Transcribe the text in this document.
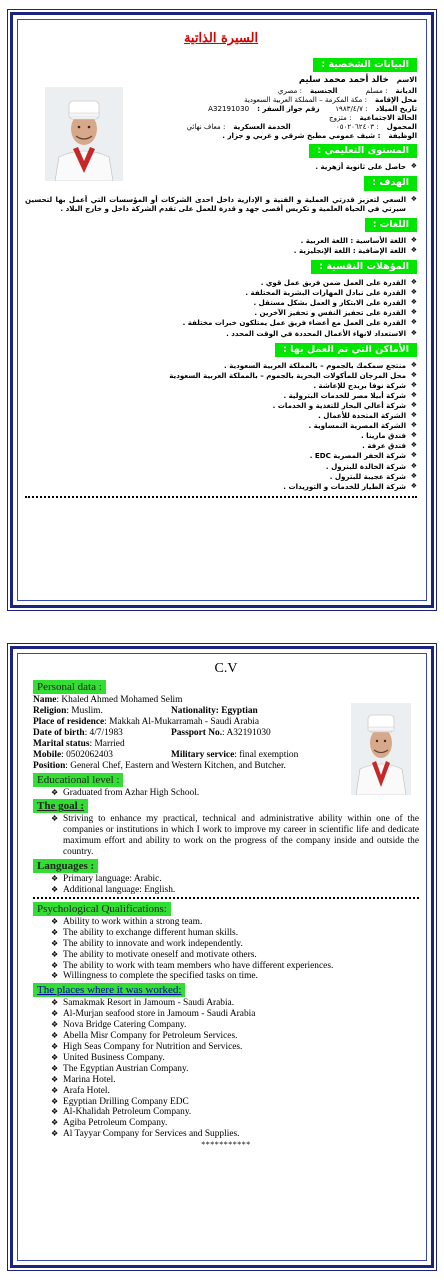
السيرة الذاتية
البيانات الشخصية :
الاسم
خالد أحمد محمد سليم
الديانة
: مسلم
الجنسية
: مصري
محل الإقامة
: مكة المكرمة – المملكة العربية السعودية
تاريخ الميلاد
: ١٩٨٣/٤/٧
رقم جواز السفر :
A32191030
الحالة الاجتماعية
: متزوج
المحمول
: ٠٥٠٢٠٦٢٤٠٣
الخدمة العسكرية
: معاف نهائي
الوظيفة
: شيف عمومي مطبخ شرقي و غربي و جزار .
المستوى التعليمي :
❖ حاصل على ثانوية أزهرية .
الهدف :
❖ السعي لتعزيز قدرتي العملية و الفنية و الإدارية داخل احدى الشركات أو المؤسسات التي أعمل بها لتحسين سيرتي في الحياة العلمية و تكريس أقصى جهد و قدرة للعمل على تقدم الشركة داخل و خارج البلاد .
اللغات :
❖ اللغة الأساسية : اللغة العربية .
❖ اللغة الإضافية : اللغة الإنجليزية .
المؤهلات النفسية :
❖ القدرة على العمل ضمن فريق عمل قوي .
❖ القدرة على تبادل المهارات البشرية المختلفة .
❖ القدرة على الابتكار و العمل بشكل مستقل .
❖ القدرة على تحفيز النفس و تحفيز الآخرين .
❖ القدرة على العمل مع أعضاء فريق عمل يمتلكون خبرات مختلفة .
❖ الاستعداد لانهاء الأعمال المحددة في الوقت المحدد .
الأماكن التي تم العمل بها :
❖ منتجع سمكمك بالجموم – بالمملكة العربية السعودية .
❖ محل المرجان للمأكولات البحرية بالجموم – بالمملكة العربية السعودية
❖ شركة نوفا بريدج للإعاشة .
❖ شركة أبيلا مصر للخدمات البترولية .
❖ شركة أعالي البحار للتغذية و الخدمات .
❖ الشركة المتحدة للأعمال .
❖ الشركة المصرية النمساوية .
❖ فندق مارينا .
❖ فندق عرفة .
❖ شركة الحفر المصرية EDC .
❖ شركة الخالدة للبترول .
❖ شركة عجيبة للبترول .
❖ شركة الطيار للخدمات و التوريدات .
C.V
Personal data :
Name : Khaled Ahmed Mohamed Selim
Religion: Muslim.	Nationality : Egyptian
Place of residence : Makkah Al-Mukarramah - Saudi Arabia
Date of birth: 4/7/1983	Passport No. : A32191030
Marital status : Married
Mobile: 0502062403	Military service : final exemption
Position : General Chef, Eastern and Western Kitchen, and Butcher.
Educational level :
❖ Graduated from Azhar High School.
The goal :
❖ Striving to enhance my practical, technical and administrative ability within one of the companies or institutions in which I work to improve my career in scientific life and dedicate maximum effort and ability to work on the progress of the company inside and outside the country.
Languages :
❖ Primary language: Arabic.
❖ Additional language: English.
Psychological Qualifications:
❖ Ability to work within a strong team.
❖ The ability to exchange different human skills.
❖ The ability to innovate and work independently.
❖ The ability to motivate oneself and motivate others.
❖ The ability to work with team members who have different experiences.
❖ Willingness to complete the specified tasks on time.
The places where it was worked:
❖ Samakmak Resort in Jamoum - Saudi Arabia.
❖ Al-Murjan seafood store in Jamoum - Saudi Arabia
❖ Nova Bridge Catering Company.
❖ Abella Misr Company for Petroleum Services.
❖ High Seas Company for Nutrition and Services.
❖ United Business Company.
❖ The Egyptian Austrian Company.
❖ Marina Hotel.
❖ Arafa Hotel.
❖ Egyptian Drilling Company EDC
❖ Al-Khalidah Petroleum Company.
❖ Agiba Petroleum Company.
❖ Al Tayyar Company for Services and Supplies.
***********
